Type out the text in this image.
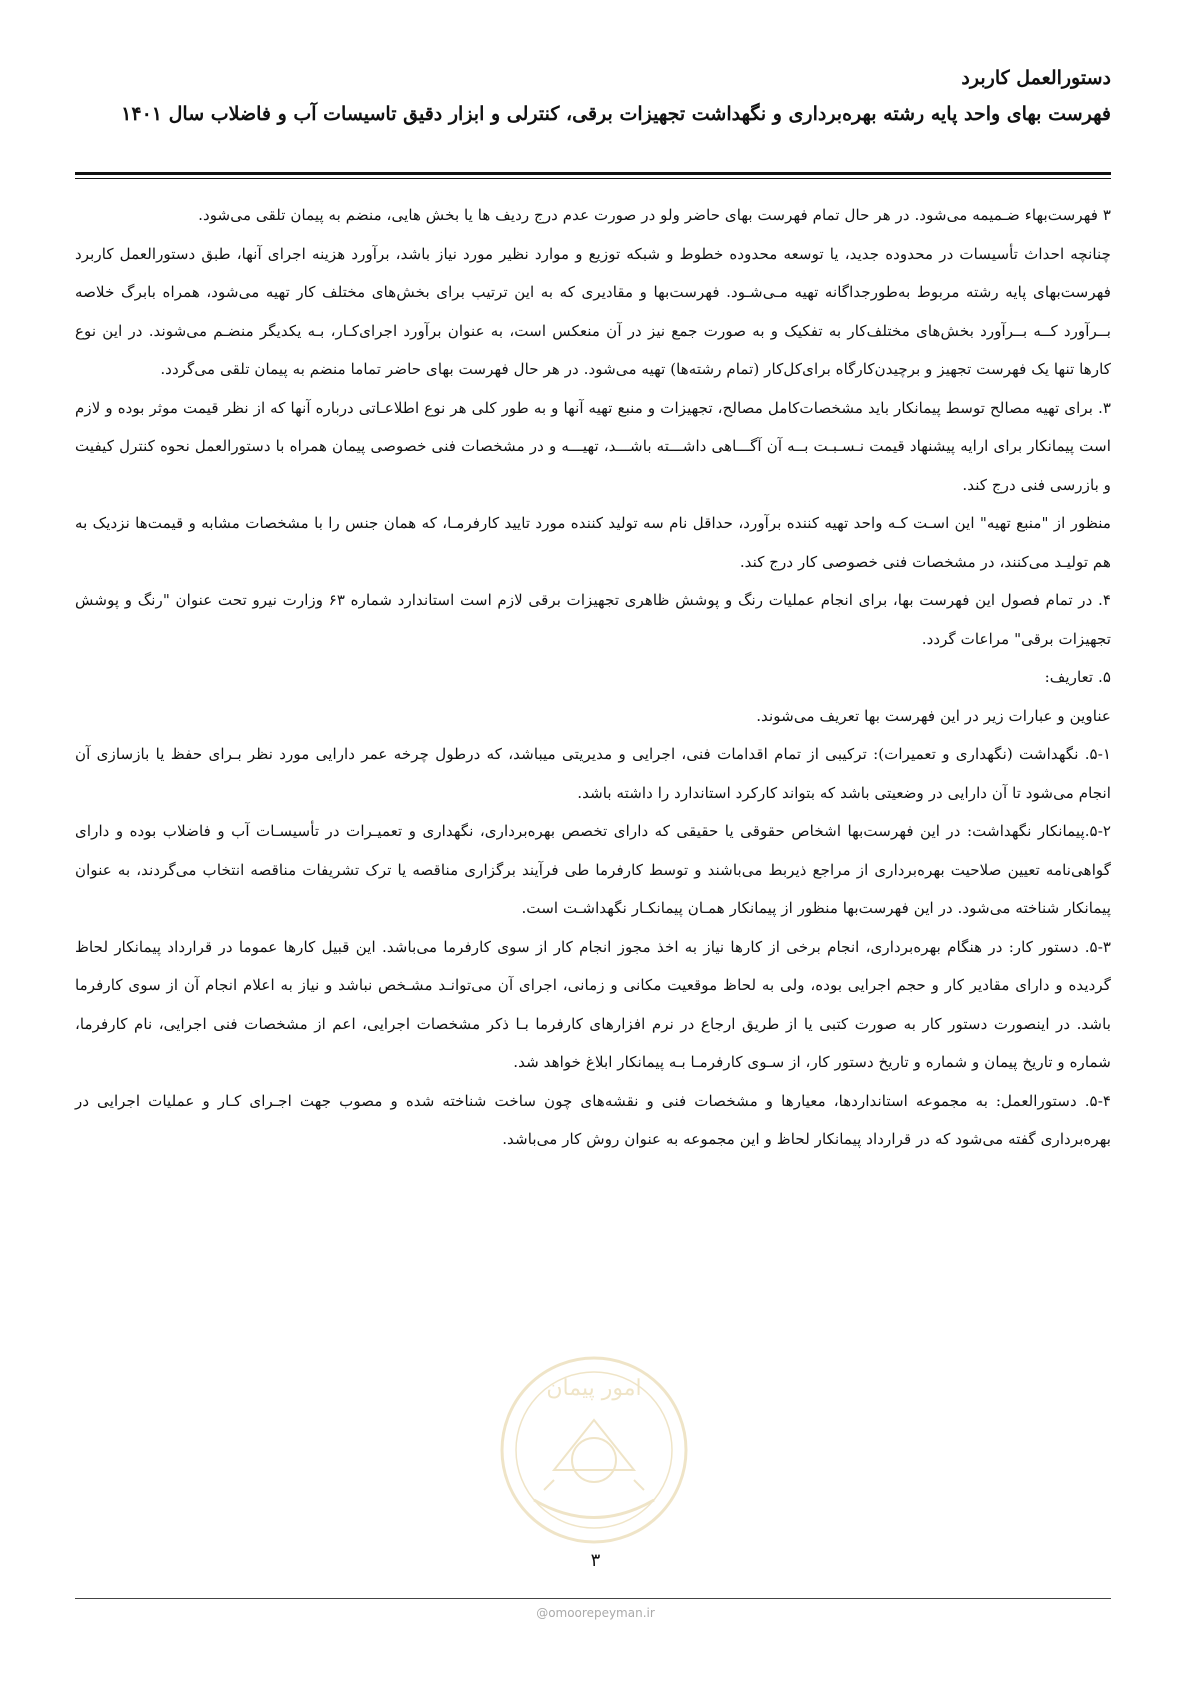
دستورالعمل کاربرد
فهرست بهای واحد پایه رشته بهره‌برداری و نگهداشت تجهیزات برقی، کنترلی و ابزار دقیق تاسیسات آب و فاضلاب سال ۱۴۰۱

۳ فهرست‌بهاء ضـمیمه می‌شود. در هر حال تمام فهرست بهای حاضر ولو در صورت عدم درج ردیف ها یا بخش هایی، منضم به پیمان تلقی می‌شود.

چنانچه احداث تأسیسات در محدوده جدید، یا توسعه محدوده خطوط و شبکه توزیع و موارد نظیر مورد نیاز باشد، برآورد هزینه اجرای آنها، طبق دستورالعمل کاربرد فهرست‌بهای پایه رشته مربوط به‌طورجداگانه تهیه مـی‌شـود. فهرست‌بها و مقادیری که به این ترتیب برای بخش‌های مختلف کار تهیه می‌شود، همراه بابرگ خلاصه بــرآورد کــه بــرآورد بخش‌های مختلف‌کار به تفکیک و به صورت جمع نیز در آن منعکس است، به عنوان برآورد اجرای‌کـار، بـه یکدیگر منضـم می‌شوند. در این نوع کارها تنها یک فهرست تجهیز و برچیدن‌کارگاه برای‌کل‌کار (تمام رشته‌ها) تهیه می‌شود. در هر حال فهرست بهای حاضر تماما منضم به پیمان تلقی می‌گردد.

۳. برای تهیه مصالح توسط پیمانکار باید مشخصات‌کامل مصالح، تجهیزات و منبع تهیه آنها و به طور کلی هر نوع اطلاعـاتی درباره آنها که از نظر قیمت موثر بوده و لازم است پیمانکار برای ارایه پیشنهاد قیمت نـسـبـت بــه آن آگـــاهی داشـــته باشـــد، تهیـــه و در مشخصات فنی خصوصی پیمان همراه با دستورالعمل نحوه کنترل کیفیت و بازرسی فنی درج کند.

منظور از "منبع تهیه" این اسـت کـه واحد تهیه کننده برآورد، حداقل نام سه تولید کننده مورد تایید کارفرمـا، که همان جنس را با مشخصات مشابه و قیمت‌ها نزدیک به هم تولیـد می‌کنند، در مشخصات فنی خصوصی کار درج کند.

۴. در تمام فصول این فهرست بها، برای انجام عملیات رنگ و پوشش ظاهری تجهیزات برقی لازم است استاندارد شماره ۶۳ وزارت نیرو تحت عنوان "رنگ و پوشش تجهیزات برقی" مراعات گردد.

۵. تعاریف:

عناوین و عبارات زیر در این فهرست بها تعریف می‌شوند.

۵-۱. نگهداشت (نگهداری و تعمیرات): ترکیبی از تمام اقدامات فنی، اجرایی و مدیریتی میباشد، که درطول چرخه عمر دارایی مورد نظر بـرای حفظ یا بازسازی آن انجام می‌شود تا آن دارایی در وضعیتی باشد که بتواند کارکرد استاندارد را داشته باشد.

۵-۲.پیمانکار نگهداشت: در این فهرست‌بها اشخاص حقوقی یا حقیقی که دارای تخصص بهره‌برداری، نگهداری و تعمیـرات در تأسیسـات آب و فاضلاب بوده و دارای گواهی‌نامه تعیین صلاحیت بهره‌برداری از مراجع ذیربط می‌باشند و توسط کارفرما طی فرآیند برگزاری مناقصه یا ترک تشریفات مناقصه انتخاب می‌گردند، به عنوان پیمانکار شناخته می‌شود. در این فهرست‌بها منظور از پیمانکار همـان پیمانکـار نگهداشـت است.

۵-۳. دستور کار: در هنگام بهره‌برداری، انجام برخی از کارها نیاز به اخذ مجوز انجام کار از سوی کارفرما می‌باشد. این قبیل کارها عموما در قرارداد پیمانکار لحاظ گردیده و دارای مقادیر کار و حجم اجرایی بوده، ولی به لحاظ موقعیت مکانی و زمانی، اجرای آن می‌توانـد مشـخص نباشد و نیاز به اعلام انجام آن از سوی کارفرما باشد. در اینصورت دستور کار به صورت کتبی یا از طریق ارجاع در نرم افزارهای کارفرما بـا ذکر مشخصات اجرایی، اعم از مشخصات فنی اجرایی، نام کارفرما، شماره و تاریخ پیمان و شماره و تاریخ دستور کار، از سـوی کارفرمـا بـه پیمانکار ابلاغ خواهد شد.

۵-۴. دستورالعمل: به مجموعه استانداردها، معیارها و مشخصات فنی و نقشه‌های چون ساخت شناخته شده و مصوب جهت اجـرای کـار و عملیات اجرایی در بهره‌برداری گفته می‌شود که در قرارداد پیمانکار لحاظ و این مجموعه به عنوان روش کار می‌باشد.

امور پیمان
۳
@omoorepeyman.ir
